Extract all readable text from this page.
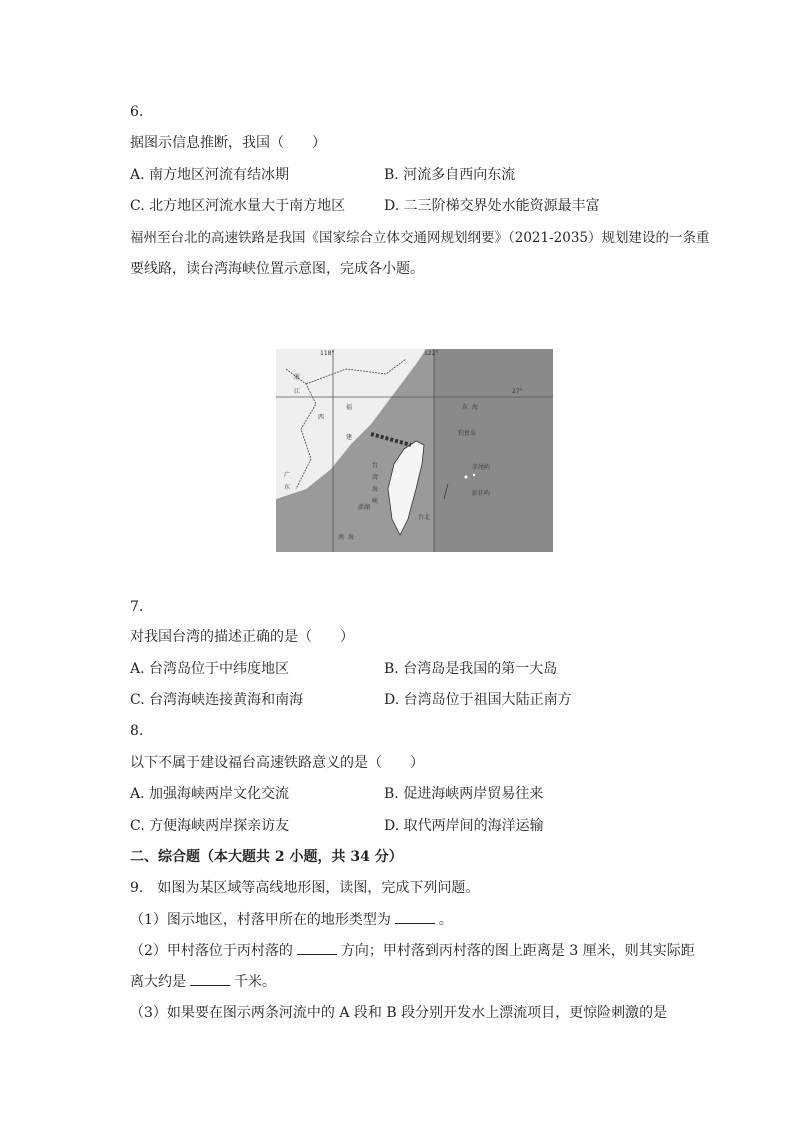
6.
据图示信息推断，我国（　　）
A. 南方地区河流有结冰期	B. 河流多自西向东流
C. 北方地区河流水量大于南方地区	D. 二三阶梯交界处水能资源最丰富
福州至台北的高速铁路是我国《国家综合立体交通网规划纲要》（2021-2035）规划建设的一条重
要线路，读台湾海峡位置示意图，完成各小题。
118°	122°
27°
浙
江
西
福
建
广
东
台
湾
海
峡
东 海
南 海
钓鱼岛
赤尾屿
彭佳屿
澎湖
台北
7.
对我国台湾的描述正确的是（　　）
A. 台湾岛位于中纬度地区	B. 台湾岛是我国的第一大岛
C. 台湾海峡连接黄海和南海	D. 台湾岛位于祖国大陆正南方
8.
以下不属于建设福台高速铁路意义的是（　　）
A. 加强海峡两岸文化交流	B. 促进海峡两岸贸易往来
C. 方便海峡两岸探亲访友	D. 取代两岸间的海洋运输
二、综合题（本大题共 2 小题，共 34 分）
9.　如图为某区域等高线地形图，读图，完成下列问题。
（1）图示地区，村落甲所在的地形类型为	。
（2）甲村落位于丙村落的	方向；甲村落到丙村落的图上距离是 3 厘米，则其实际距
离大约是	千米。
（3）如果要在图示两条河流中的 A 段和 B 段分别开发水上漂流项目，更惊险刺激的是
